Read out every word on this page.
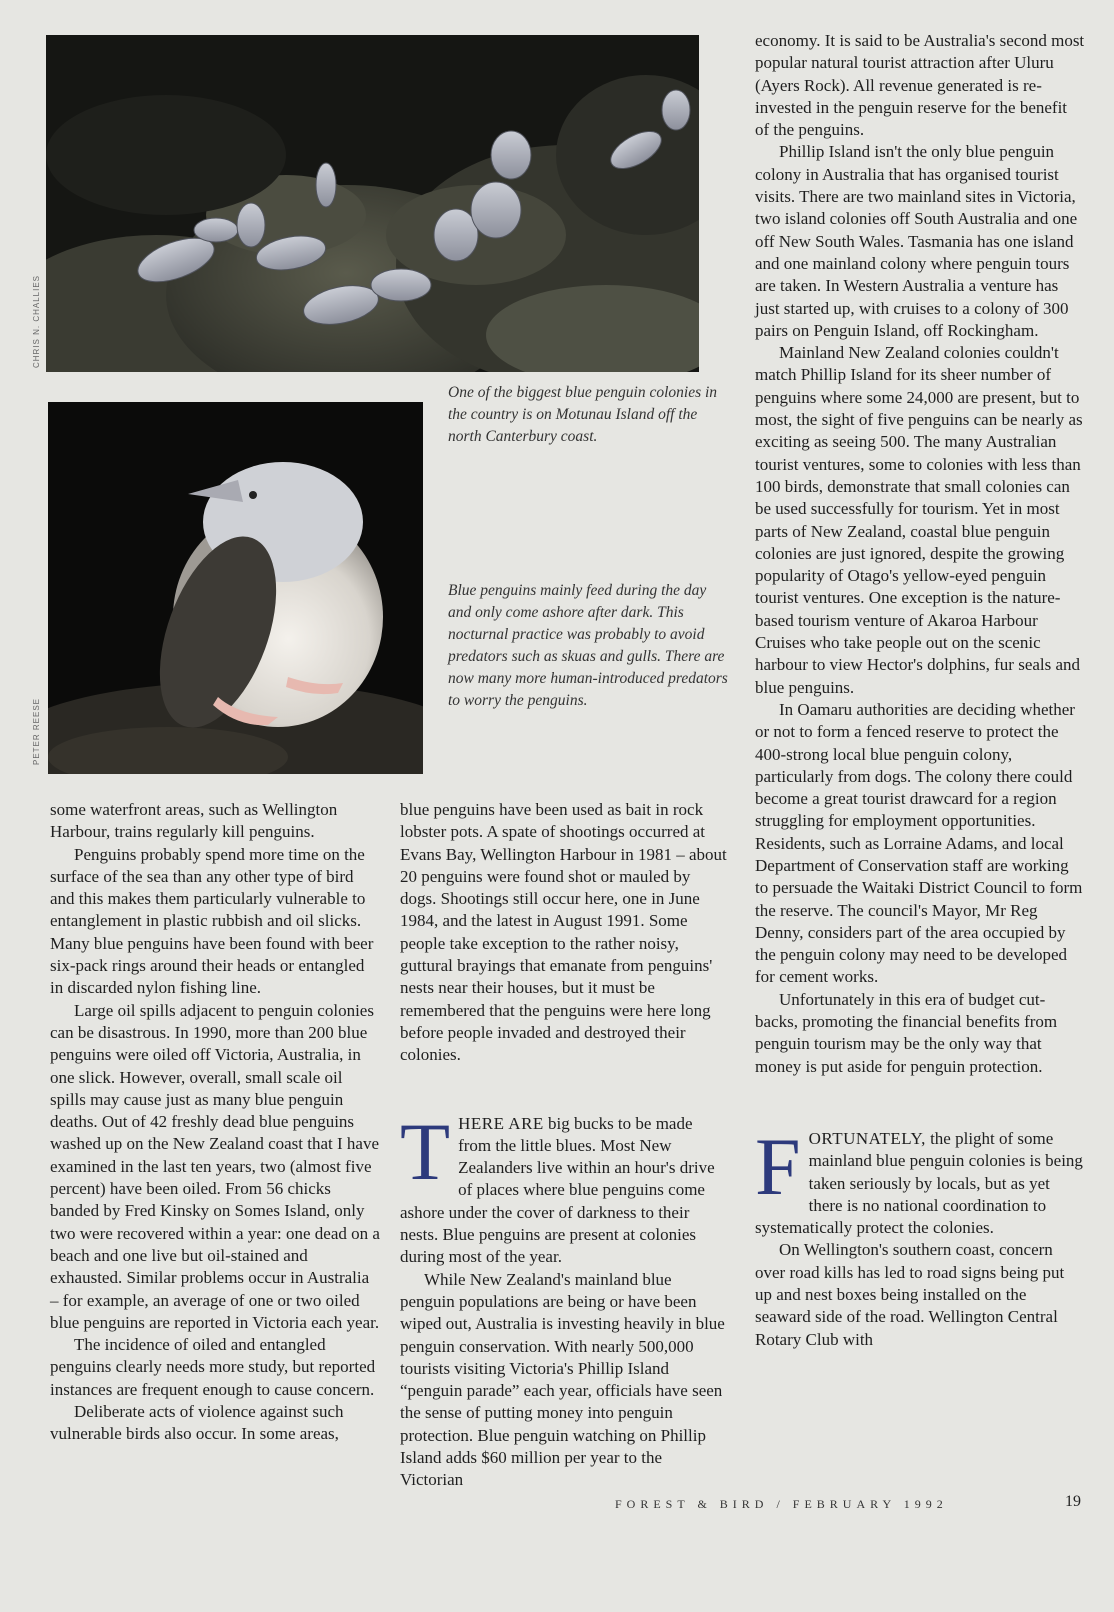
CHRIS N. CHALLIES

One of the biggest blue penguin colonies in the country is on Motunau Island off the north Canterbury coast.

PETER REESE

Blue penguins mainly feed during the day and only come ashore after dark. This nocturnal practice was probably to avoid predators such as skuas and gulls. There are now many more human-introduced predators to worry the penguins.

some waterfront areas, such as Wellington Harbour, trains regularly kill penguins.

Penguins probably spend more time on the surface of the sea than any other type of bird and this makes them particularly vulnerable to entanglement in plastic rubbish and oil slicks. Many blue penguins have been found with beer six-pack rings around their heads or entangled in discarded nylon fishing line.

Large oil spills adjacent to penguin colonies can be disastrous. In 1990, more than 200 blue penguins were oiled off Victoria, Australia, in one slick. However, overall, small scale oil spills may cause just as many blue penguin deaths. Out of 42 freshly dead blue penguins washed up on the New Zealand coast that I have examined in the last ten years, two (almost five percent) have been oiled. From 56 chicks banded by Fred Kinsky on Somes Island, only two were recovered within a year: one dead on a beach and one live but oil-stained and exhausted. Similar problems occur in Australia – for example, an average of one or two oiled blue penguins are reported in Victoria each year.

The incidence of oiled and entangled penguins clearly needs more study, but reported instances are frequent enough to cause concern.

Deliberate acts of violence against such vulnerable birds also occur. In some areas,

blue penguins have been used as bait in rock lobster pots. A spate of shootings occurred at Evans Bay, Wellington Harbour in 1981 – about 20 penguins were found shot or mauled by dogs. Shootings still occur here, one in June 1984, and the latest in August 1991. Some people take exception to the rather noisy, guttural brayings that emanate from penguins' nests near their houses, but it must be remembered that the penguins were here long before people invaded and destroyed their colonies.

THERE ARE big bucks to be made from the little blues. Most New Zealanders live within an hour's drive of places where blue penguins come ashore under the cover of darkness to their nests. Blue penguins are present at colonies during most of the year.

While New Zealand's mainland blue penguin populations are being or have been wiped out, Australia is investing heavily in blue penguin conservation. With nearly 500,000 tourists visiting Victoria's Phillip Island “penguin parade” each year, officials have seen the sense of putting money into penguin protection. Blue penguin watching on Phillip Island adds $60 million per year to the Victorian

economy. It is said to be Australia's second most popular natural tourist attraction after Uluru (Ayers Rock). All revenue generated is re-invested in the penguin reserve for the benefit of the penguins.

Phillip Island isn't the only blue penguin colony in Australia that has organised tourist visits. There are two mainland sites in Victoria, two island colonies off South Australia and one off New South Wales. Tasmania has one island and one mainland colony where penguin tours are taken. In Western Australia a venture has just started up, with cruises to a colony of 300 pairs on Penguin Island, off Rockingham.

Mainland New Zealand colonies couldn't match Phillip Island for its sheer number of penguins where some 24,000 are present, but to most, the sight of five penguins can be nearly as exciting as seeing 500. The many Australian tourist ventures, some to colonies with less than 100 birds, demonstrate that small colonies can be used successfully for tourism. Yet in most parts of New Zealand, coastal blue penguin colonies are just ignored, despite the growing popularity of Otago's yellow-eyed penguin tourist ventures. One exception is the nature-based tourism venture of Akaroa Harbour Cruises who take people out on the scenic harbour to view Hector's dolphins, fur seals and blue penguins.

In Oamaru authorities are deciding whether or not to form a fenced reserve to protect the 400-strong local blue penguin colony, particularly from dogs. The colony there could become a great tourist drawcard for a region struggling for employment opportunities. Residents, such as Lorraine Adams, and local Department of Conservation staff are working to persuade the Waitaki District Council to form the reserve. The council's Mayor, Mr Reg Denny, considers part of the area occupied by the penguin colony may need to be developed for cement works.

Unfortunately in this era of budget cut-backs, promoting the financial benefits from penguin tourism may be the only way that money is put aside for penguin protection.

FORTUNATELY, the plight of some mainland blue penguin colonies is being taken seriously by locals, but as yet there is no national coordination to systematically protect the colonies.

On Wellington's southern coast, concern over road kills has led to road signs being put up and nest boxes being installed on the seaward side of the road. Wellington Central Rotary Club with

FOREST & BIRD / FEBRUARY 1992	19
